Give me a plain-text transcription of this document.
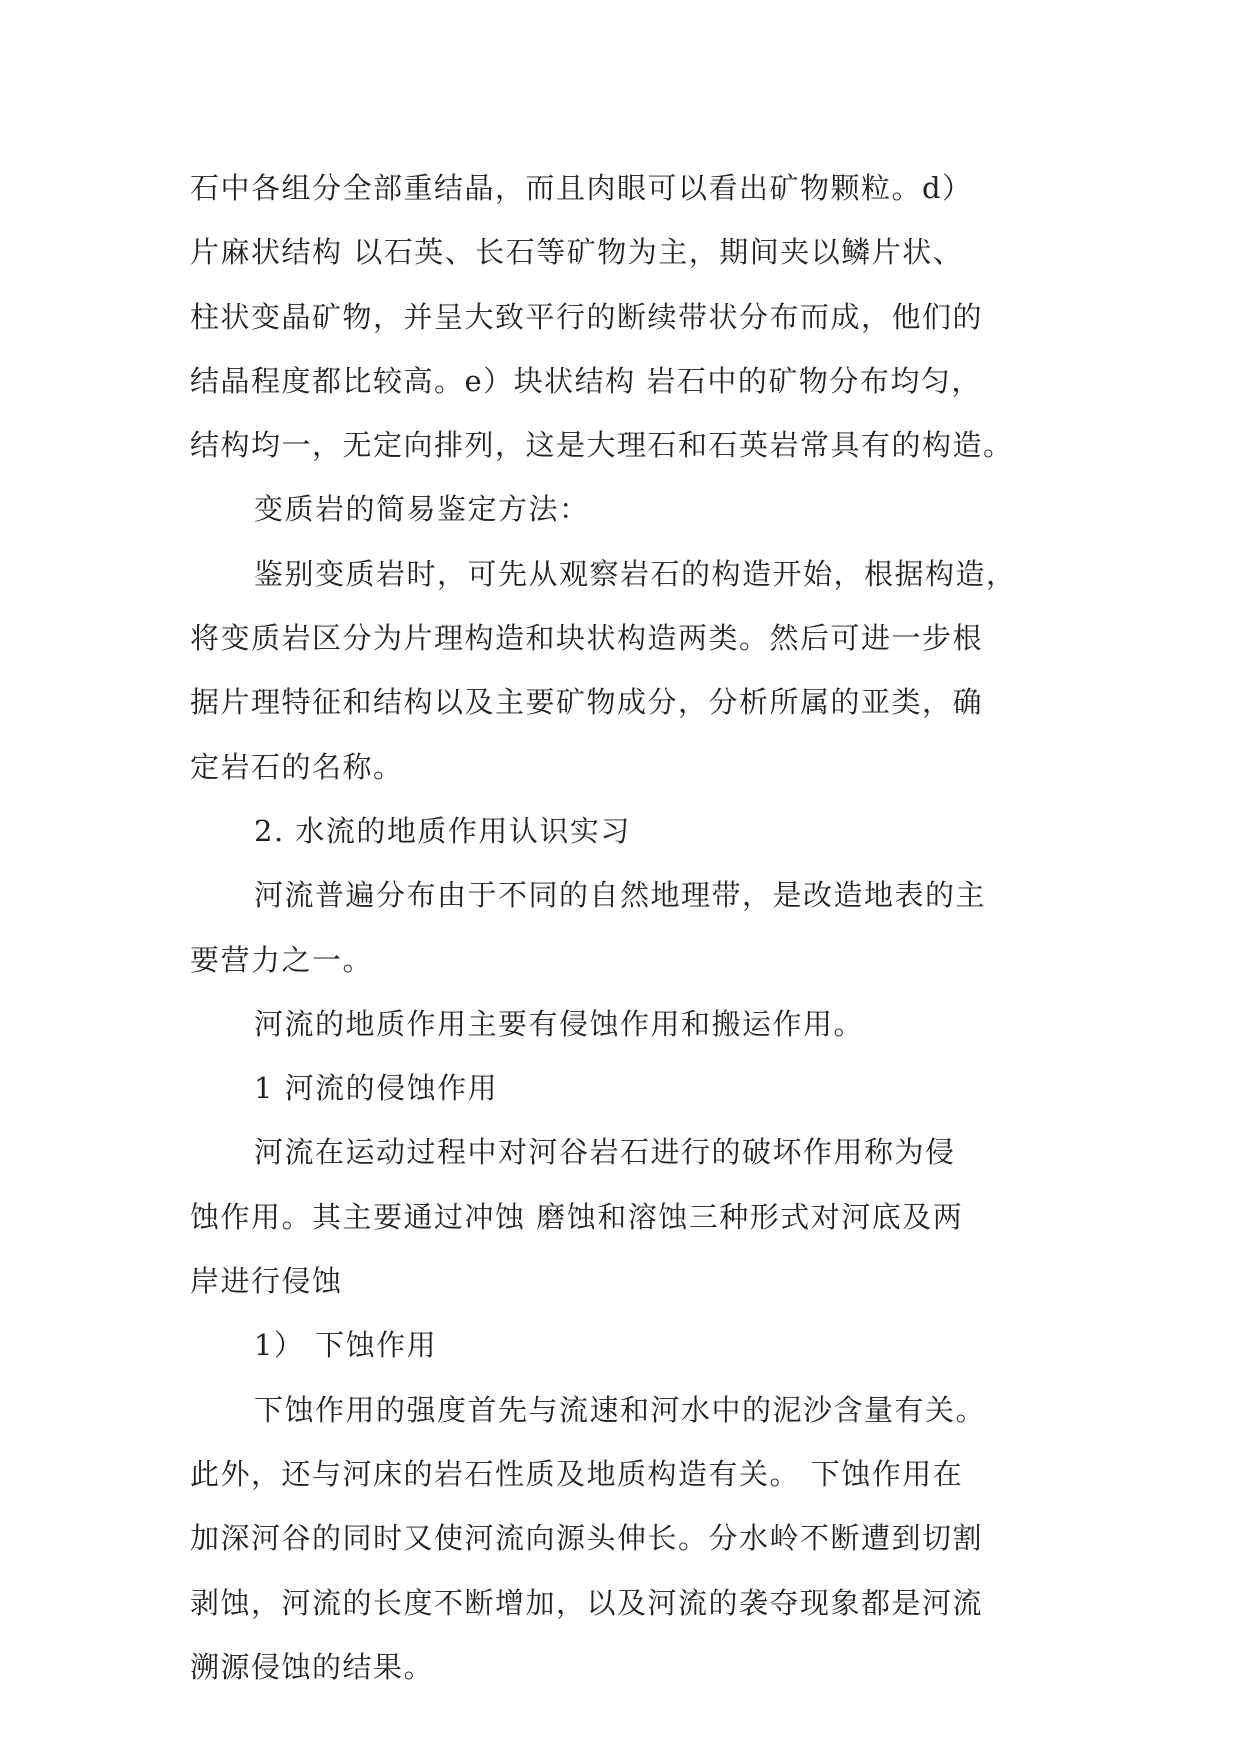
石中各组分全部重结晶，而且肉眼可以看出矿物颗粒。d）

片麻状结构 以石英、长石等矿物为主，期间夹以鳞片状、

柱状变晶矿物，并呈大致平行的断续带状分布而成，他们的

结晶程度都比较高。e）块状结构 岩石中的矿物分布均匀，

结构均一，无定向排列，这是大理石和石英岩常具有的构造。

变质岩的简易鉴定方法：

鉴别变质岩时，可先从观察岩石的构造开始，根据构造，

将变质岩区分为片理构造和块状构造两类。然后可进一步根

据片理特征和结构以及主要矿物成分，分析所属的亚类，确

定岩石的名称。

2. 水流的地质作用认识实习

河流普遍分布由于不同的自然地理带，是改造地表的主

要营力之一。

河流的地质作用主要有侵蚀作用和搬运作用。

1 河流的侵蚀作用

河流在运动过程中对河谷岩石进行的破坏作用称为侵

蚀作用。其主要通过冲蚀 磨蚀和溶蚀三种形式对河底及两

岸进行侵蚀

1） 下蚀作用

下蚀作用的强度首先与流速和河水中的泥沙含量有关。

此外，还与河床的岩石性质及地质构造有关。 下蚀作用在

加深河谷的同时又使河流向源头伸长。分水岭不断遭到切割

剥蚀，河流的长度不断增加，以及河流的袭夺现象都是河流

溯源侵蚀的结果。
